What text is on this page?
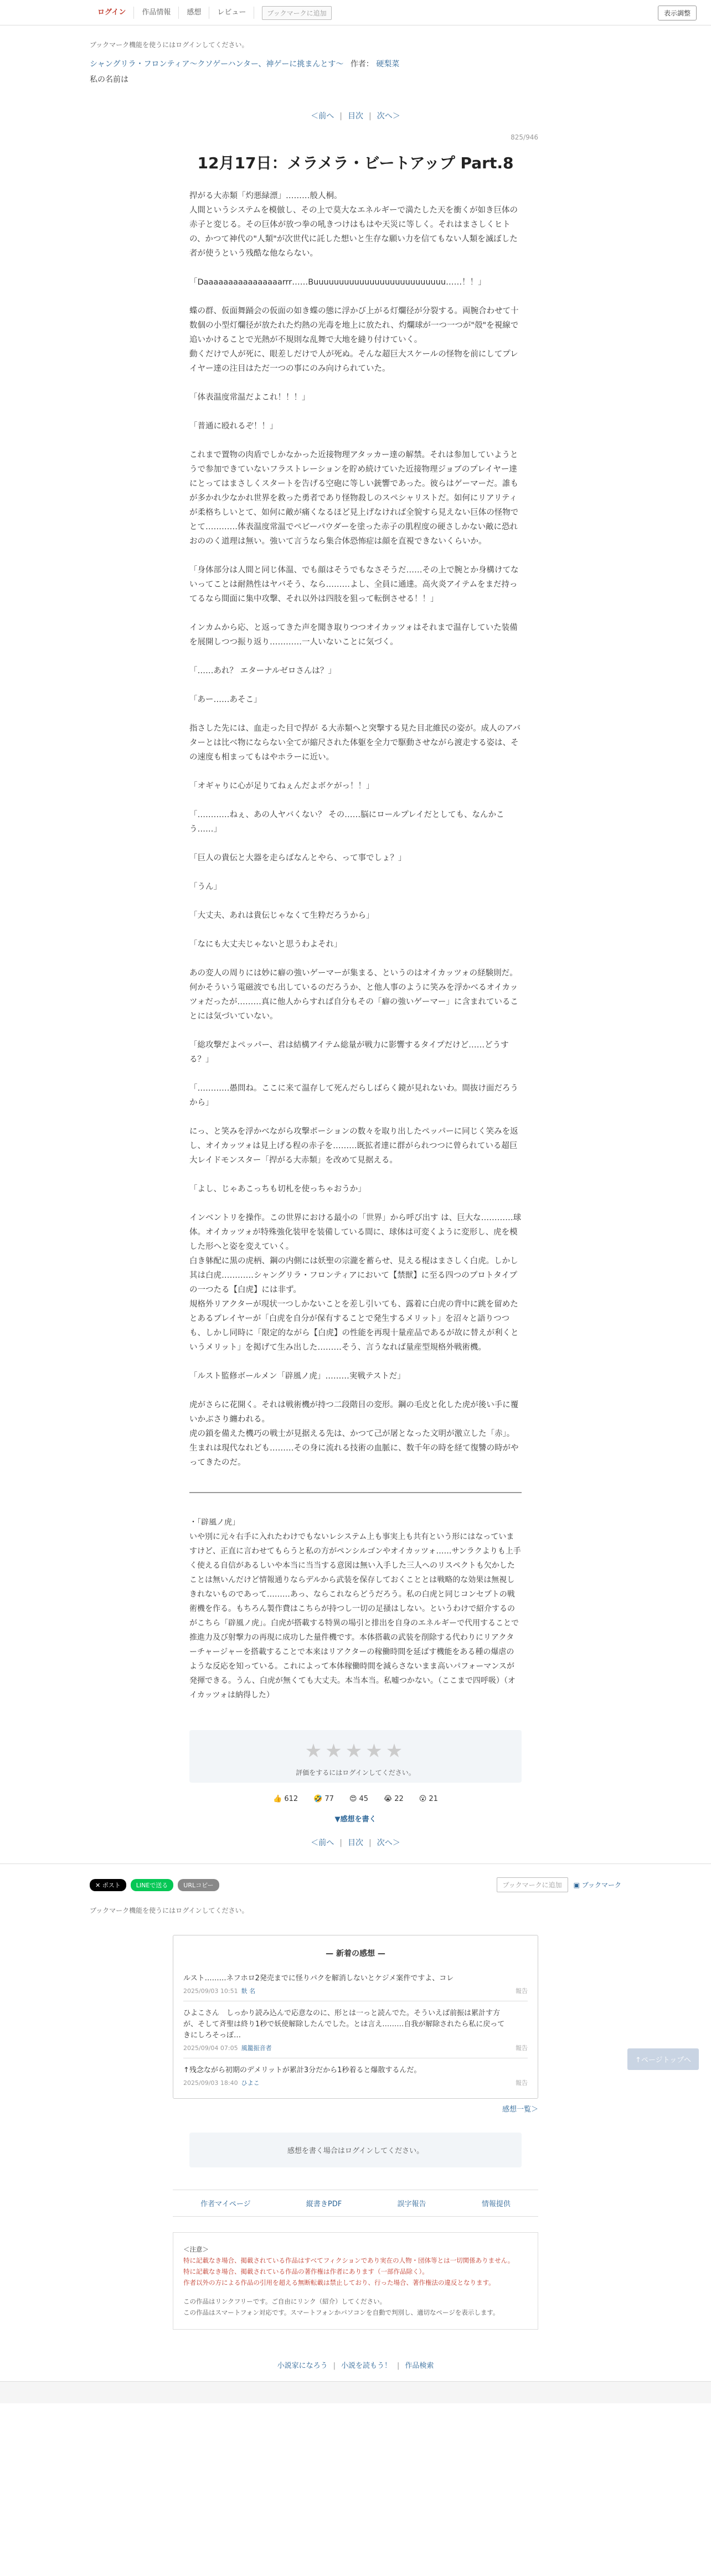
ログイン	作品情報	感想	レビュー	ブックマークに追加	表示調整
ブックマーク機能を使うにはログインしてください。
シャングリラ・フロンティア〜クソゲーハンター、神ゲーに挑まんとす〜 作者： 硬梨菜
私の名前は
＜前へ | 目次 | 次へ＞
825/946
12月17日：メラメラ・ビートアップ Part.8

捍がる大赤類「灼悪緑漂」………般人桐。

人間というシステムを模倣し、その上で莫大なエネルギーで満たした天を衝くが如き巨体の赤子と変じる。その巨体が放つ拳の吼きつけはもはや天災に等しく。それはまさしくヒトの、かつて神代の"人類"が次世代に託した想いと生存な願い力を信てもない人類を滅ぼした者が使うという残酷な他ならない。

「Daaaaaaaaaaaaaaaarrr……Buuuuuuuuuuuuuuuuuuuuuuuuuu……！！」

蝶の群、仮面舞踊会の仮面の如き蝶の態に浮かび上がる灯爛径が分裂する。両腕合わせて十数個の小型灯爛径が放たれた灼熱の光毒を地上に放たれ、灼爛球が一つ一つが"殻"を視線で追いかけることで光熱が不規則な乱舞で大地を縫り付けていく。

動くだけで人が死に、眼差しだけで人が死ぬ。そんな超巨大スケールの怪物を前にしてプレイヤー達の注目はただ一つの事にのみ向けられていた。

「体表温度常温だよこれ！！！」

「普通に殴れるぞ！！」

これまで置物の肉盾でしかなかった近接物理アタッカー達の解禁。それは参加していようとうで参加できていないフラストレーションを貯め続けていた近接物理ジョブのプレイヤー達にとってはまさしくスタートを告げる空砲に等しい銃響であった。彼らはゲーマーだ。誰もが多かれ少なかれ世界を救った勇者であり怪物殺しのスペシャリストだ。如何にリアリティが柔格ちしいとて、如何に敵が痛くなるほど見上げなければ全貌すら見えない巨体の怪物でとて…………体表温度常温でペビーパウダーを塗った赤子の肌程度の硬さしかない敵に恐れおののく道理は無い。強いて言うなら集合体恐怖症は顔を直視できないくらいか。

「身体部分は人間と同じ体温、でも顔はそうでもなさそうだ……その上で腕とか身構けてないってことは耐熱性はヤバそう、なら………よし、全員に通達。高火炎アイテムをまだ持ってるなら間面に集中攻撃、それ以外は四肢を狙って転倒させる！！」

インカムから応、と返ってきた声を聞き取りつつオイカッツォはそれまで温存していた装備を展開しつつ振り返り…………一人いないことに気づく。

「……あれ？ エターナルゼロさんは？」

「あー……あそこ」

指さした先には、血走った目で捍が る大赤類へと突撃する見た目北維民の姿が。成人のアバターとは比べ物にならない全てが縮尺された体躯を全力で駆動させながら渡走する姿は、その速度も相まってもはやホラーに近い。

「オギャりに心が足りてねぇんだよボケがっ！！」

「…………ねぇ、あの人ヤバくない？ その……脳にロールプレイだとしても、なんかこう……」

「巨人の貴伝と大器を走らばなんとやら、って事でしょ？」

「うん」

「大丈夫、あれは貴伝じゃなくて生粋だろうから」

「なにも大丈夫じゃないと思うわよそれ」

あの変人の周りには妙に癖の強いゲーマーが集まる、というのはオイカッツォの経験則だ。

何かそういう電磁波でも出しているのだろうか、と他人事のように笑みを浮かべるオイカッツォだったが………真に他人からすれば自分もその「癖の強いゲーマー」に含まれていることには気づいていない。

「総攻撃だよペッパー、君は結構アイテム総量が戦力に影響するタイプだけど……どうする？」

「…………愚問ね。ここに来て温存して死んだらしばらく鏡が見れないわ。間抜け面だろうから」

にっ、と笑みを浮かべながら攻撃ポーションの数々を取り出したペッパーに同じく笑みを返し、オイカッツォは見上げる程の赤子を………既拡者達に群がられつつに曾られている超巨大レイドモンスター「捍がる大赤類」を改めて見据える。

「よし、じゃあこっちも切札を使っちゃおうか」

インベントリを操作。この世界における最小の「世界」から呼び出す は、巨大な…………球体。オイカッツォが特殊強化装甲を装備している間に、球体は可変くように変形し、虎を模した形へと姿を変えていく。

白き躰配に黒の虎柄、鋼の内側には妖聖の宗瀧を蓄らせ、見える棍はまさしく白虎。しかし其は白虎…………シャングリラ・フロンティアにおいて【禁獣】に至る四つのプロトタイプの一つたる【白虎】には非ず。

規格外リアクターが現状一つしかないことを差し引いても、露着に白虎の背中に跳を留めたとあるプレイヤーが「白虎を自分が保有することで発生するメリット」を沼々と語りつつも、しかし同時に「限定的ながら【白虎】の性能を再現十量産品であるが故に替えが利くというメリット」を掲げて生み出した………そう、言うなれば量産型規格外戦術機。

「ルスト監修ボールメン「辟風ノ虎」………実戦テストだ」

虎がさらに花開く。それは戦術機が持つ二段階目の変形。鋼の毛皮と化した虎が後い手に覆いかぶさり纏われる。

虎の鎖を備えた機巧の戦士が見据える先は、かつて己が屠となった文明が激立した「赤」。生まれは現代なれども………その身に流れる技術の血脈に、数千年の時を経て復讐の時がやってきたのだ。

・「辟風ノ虎」

いや別に元々右手に入れたわけでもないレシステム上も事実上も共有という形にはなっていますけど、正直に言わせてもらうと私の方がペンシルゴンやオイカッツォ……サンラクよりも上手く使える自信があるしいや本当に当当する意図は無い入手した三人へのリスペクトも欠かしたことは無いんだけど情報通りならデルから武装を保存しておくこととは戦略的な効果は無視しきれないものであって………あっ、ならこれならどうだろう。私の白虎と同じコンセプトの戦術機を作る。もちろん製作費はこちらが持つし一切の足掻はしない。というわけで紹介するのがこちら「辟風ノ虎」。白虎が搭載する特異の場引と排出を自身のエネルギーで代用することで推進力及び射撃力の再現に成功した量件機です。本体搭載の武装を削除する代わりにリアクターチャージャーを搭載することで本来はリアクターの稼働時間を延ばす機能をある種の爆虐のような反応を知っている。これによって本体稼働時間を減らさないまま高いパフォーマンスが発揮できる。うん、白虎が無くても大丈夫。本当本当。私嘘つかない。（ここまで四呼吸）（オイカッツォは納得した）

★★★★★
評価をするにはログインしてください。
👍 612 🤣 77 😍 45 😭 22 😮 21
▼感想を書く
↑ページトップへ
＜前へ | 目次 | 次へ＞
✕ ポスト	LINEで送る	URLコピー	ブックマークに追加	▣ ブックマーク
ブックマーク機能を使うにはログインしてください。
— 新着の感想 —
ルスト………ネフホロ2発売までに怪りパクを解消しないとケジメ案件ですよ、コレ
2025/09/03 10:51 麩 名	報告
ひよこさん　しっかり読み込んで応意なのに、形とは一っと読んでた。そういえば前振は累計す方が、そして斉聖は終り1秒で妖使解除したんでした。とは言え………自我が解除されたら私に戻ってきにしろそっぽ…
2025/09/04 07:05 風籠振音者	報告
↑残念ながら初期のデメリットが累計3分だから1秒着ると爆散するんだ。
2025/09/03 18:40 ひよこ	報告
感想一覧＞
感想を書く場合はログインしてください。
作者マイページ	縦書きPDF	誤字報告	情報提供
＜注意＞
特に記載なき場合、掲載されている作品はすべてフィクションであり実在の人物・団体等とは一切関係ありません。
特に記載なき場合、掲載されている作品の著作権は作者にあります（一部作品除く）。
作者以外の方による作品の引用を超える無断転載は禁止しており、行った場合、著作権法の違反となります。
この作品はリンクフリーです。ご自由にリンク（紹介）してください。
この作品はスマートフォン対応です。スマートフォンかパソコンを自動で判別し、適切なページを表示します。
小説家になろう | 小説を読もう！ | 作品検索
